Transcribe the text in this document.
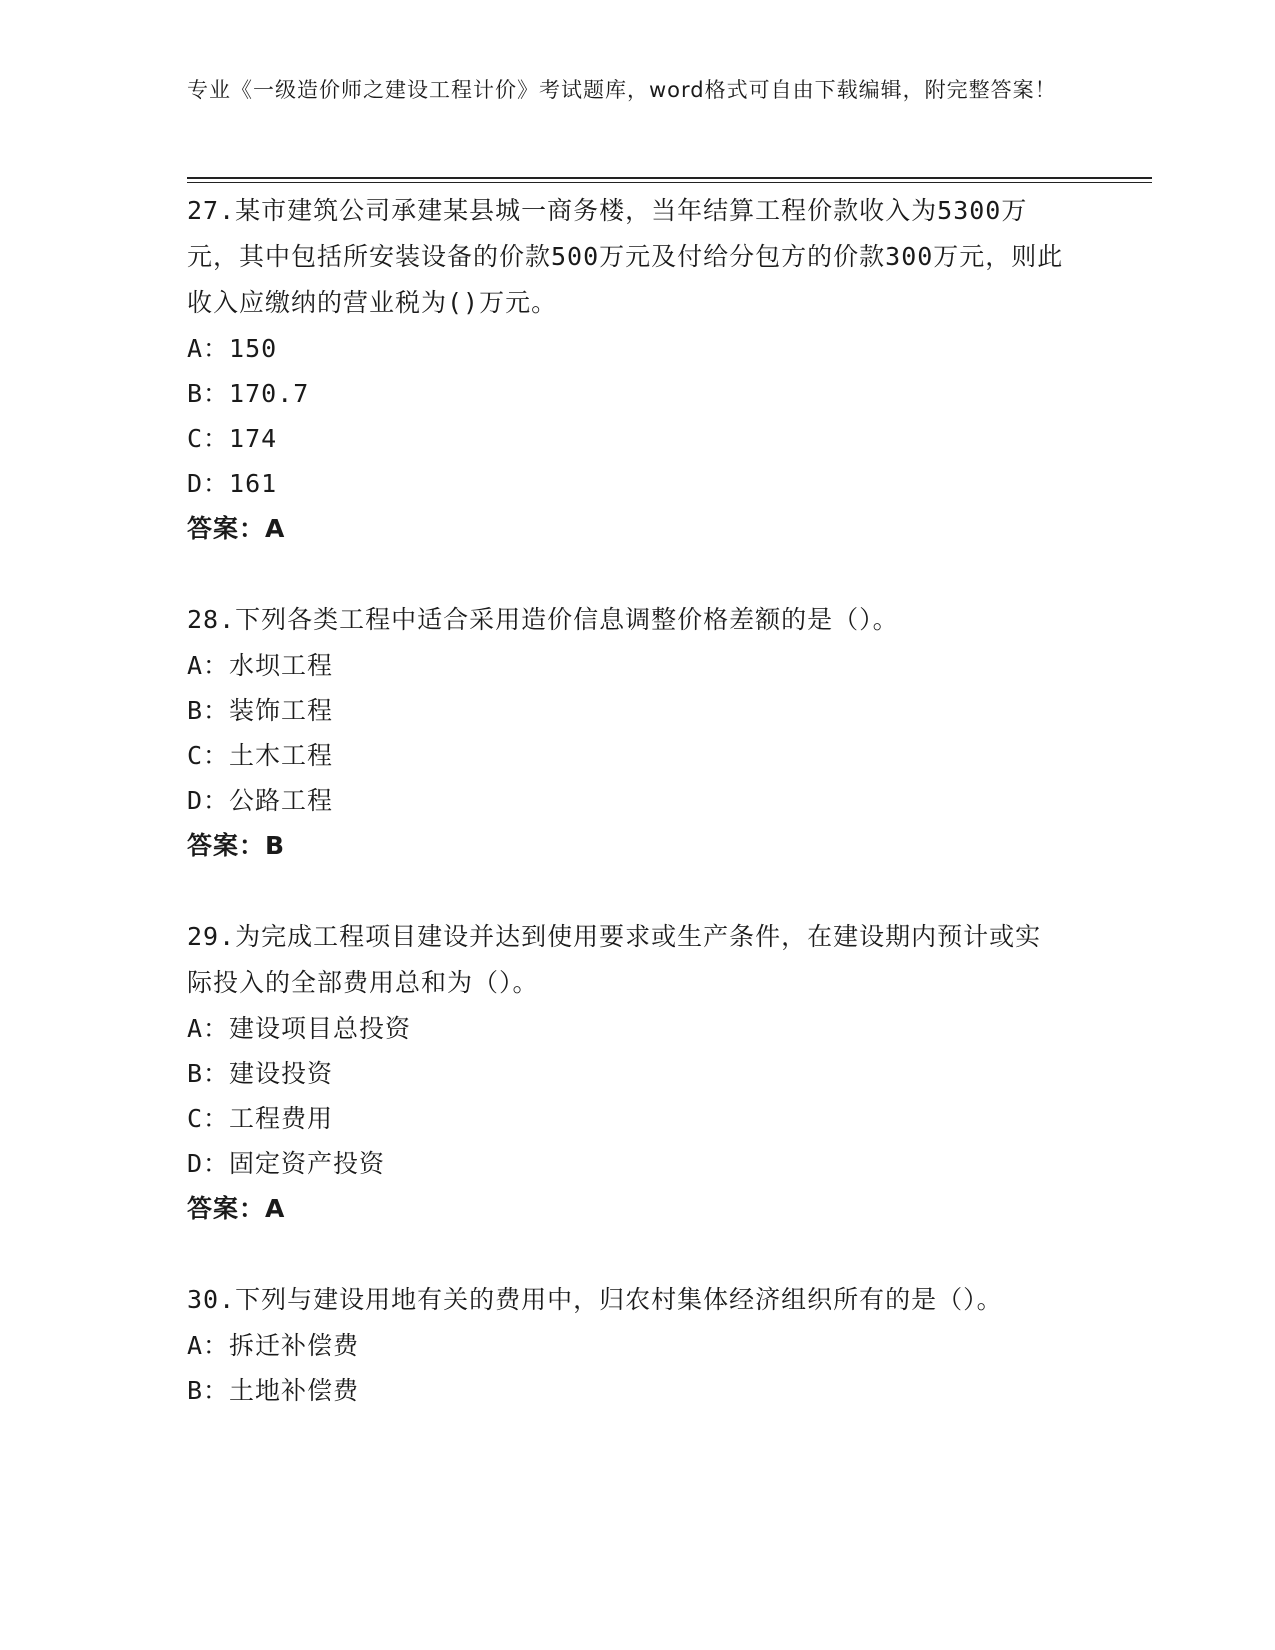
专业《一级造价师之建设工程计价》考试题库，word格式可自由下载编辑，附完整答案！

27.某市建筑公司承建某县城一商务楼，当年结算工程价款收入为5300万元，其中包括所安装设备的价款500万元及付给分包方的价款300万元，则此收入应缴纳的营业税为()万元。

A：150
B：170.7
C：174
D：161
答案：A

28.下列各类工程中适合采用造价信息调整价格差额的是（）。

A：水坝工程
B：装饰工程
C：土木工程
D：公路工程
答案：B

29.为完成工程项目建设并达到使用要求或生产条件，在建设期内预计或实际投入的全部费用总和为（）。

A：建设项目总投资
B：建设投资
C：工程费用
D：固定资产投资
答案：A

30.下列与建设用地有关的费用中，归农村集体经济组织所有的是（）。

A：拆迁补偿费
B：土地补偿费
